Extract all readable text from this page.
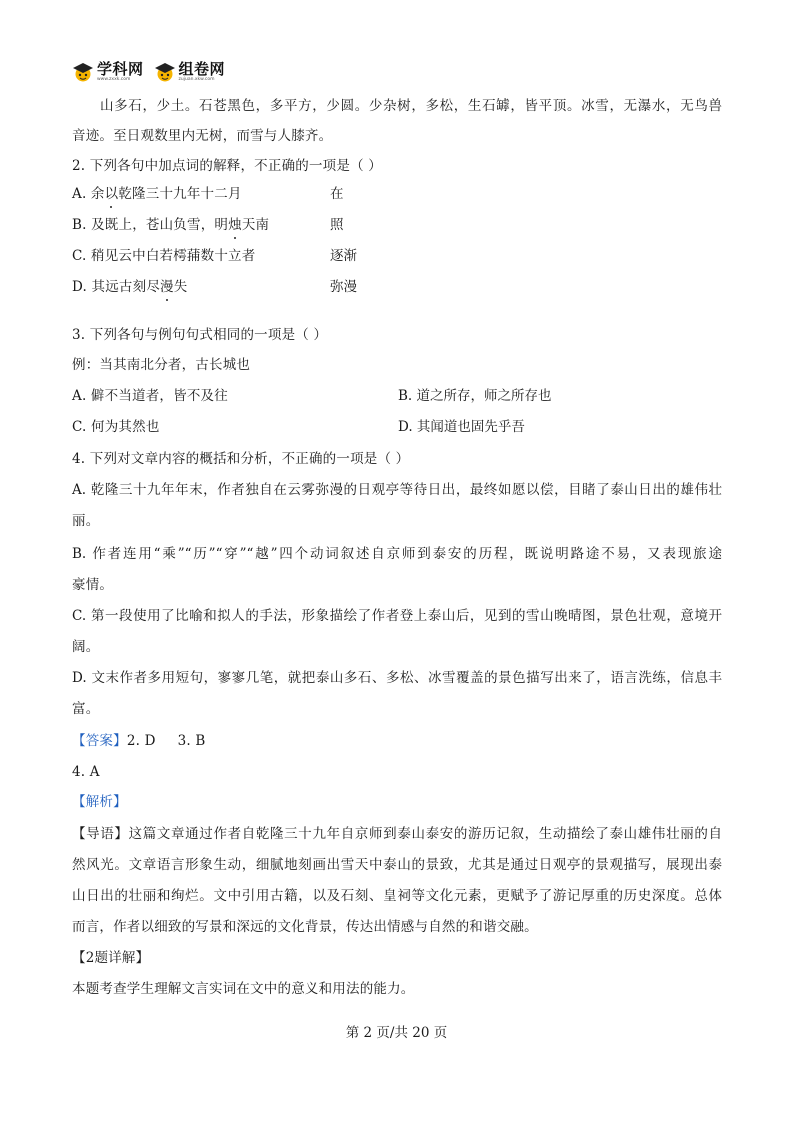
学科网
www.zxxk.com
组卷网
zujuan.xkw.com
山多石，少土。石苍黑色，多平方，少圆。少杂树，多松，生石罅，皆平顶。冰雪，无瀑水，无鸟兽
音迹。至日观数里内无树，而雪与人膝齐。
2. 下列各句中加点词的解释，不正确的一项是（ ）
A. 余以乾隆三十九年十二月	在
B. 及既上，苍山负雪，明烛天南	照
C. 稍见云中白若樗蒱数十立者	逐渐
D. 其远古刻尽漫失	弥漫
3. 下列各句与例句句式相同的一项是（ ）
例：当其南北分者，古长城也
A. 僻不当道者，皆不及往	B. 道之所存，师之所存也
C. 何为其然也	D. 其闻道也固先乎吾
4. 下列对文章内容的概括和分析，不正确的一项是（ ）
A. 乾隆三十九年年末，作者独自在云雾弥漫的日观亭等待日出，最终如愿以偿，目睹了泰山日出的雄伟壮
丽。
B. 作者连用“乘”“历”“穿”“越”四个动词叙述自京师到泰安的历程，既说明路途不易，又表现旅途
豪情。
C. 第一段使用了比喻和拟人的手法，形象描绘了作者登上泰山后，见到的雪山晚晴图，景色壮观，意境开
阔。
D. 文末作者多用短句，寥寥几笔，就把泰山多石、多松、冰雪覆盖的景色描写出来了，语言洗练，信息丰
富。
【答案】2. D 3. B
4. A
【解析】
【导语】这篇文章通过作者自乾隆三十九年自京师到泰山泰安的游历记叙，生动描绘了泰山雄伟壮丽的自
然风光。文章语言形象生动，细腻地刻画出雪天中泰山的景致，尤其是通过日观亭的景观描写，展现出泰
山日出的壮丽和绚烂。文中引用古籍，以及石刻、皇祠等文化元素，更赋予了游记厚重的历史深度。总体
而言，作者以细致的写景和深远的文化背景，传达出情感与自然的和谐交融。
【2题详解】
本题考查学生理解文言实词在文中的意义和用法的能力。
第 2 页/共 20 页
